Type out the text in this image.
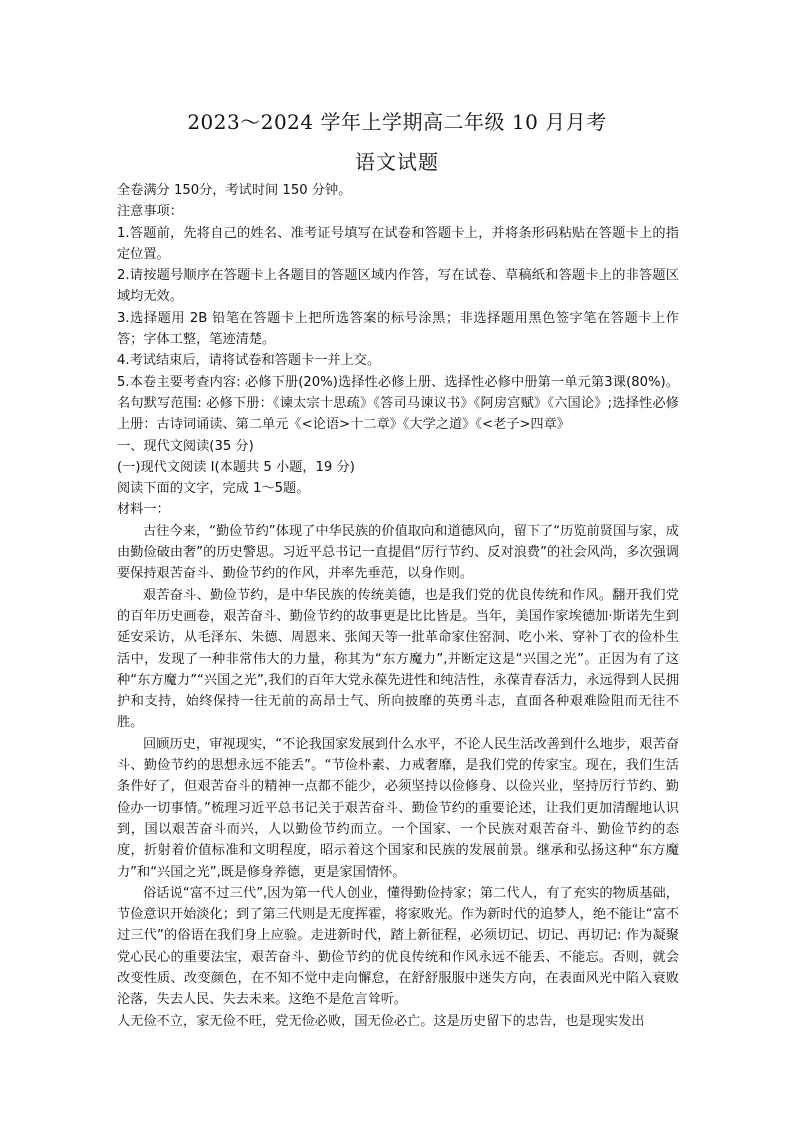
2023～2024 学年上学期高二年级 10 月月考
语文试题

全卷满分 150分，考试时间 150 分钟。

注意事项：

1.答题前，先将自己的姓名、准考证号填写在试卷和答题卡上，并将条形码粘贴在答题卡上的指定位置。

2.请按题号顺序在答题卡上各题目的答题区域内作答，写在试卷、草稿纸和答题卡上的非答题区域均无效。

3.选择题用 2B 铅笔在答题卡上把所选答案的标号涂黑；非选择题用黑色签字笔在答题卡上作答；字体工整，笔迹清楚。

4.考试结束后，请将试卷和答题卡一并上交。

5.本卷主要考查内容: 必修下册(20%)选择性必修上册、选择性必修中册第一单元第3课(80%)。名句默写范围: 必修下册：《谏太宗十思疏》《答司马谏议书》《阿房宫赋》《六国论》;选择性必修上册：古诗词诵读、第二单元《<论语>十二章》《大学之道》《<老子>四章》

一、现代文阅读(35 分)

(一)现代文阅读 I(本题共 5 小题，19 分)

阅读下面的文字，完成 1～5题。

材料一：

古往今来，“勤俭节约”体现了中华民族的价值取向和道德风向，留下了“历览前贤国与家，成由勤俭破由奢”的历史警思。习近平总书记一直提倡“厉行节约、反对浪费”的社会风尚，多次强调要保持艰苦奋斗、勤俭节约的作风，并率先垂范，以身作则。

艰苦奋斗、勤俭节约，是中华民族的传统美德，也是我们党的优良传统和作风。翻开我们党的百年历史画卷，艰苦奋斗、勤俭节约的故事更是比比皆是。当年，美国作家埃德加·斯诺先生到延安采访，从毛泽东、朱德、周恩来、张闻天等一批革命家住窑洞、吃小米、穿补丁衣的俭朴生活中，发现了一种非常伟大的力量，称其为“东方魔力”,并断定这是“兴国之光”。正因为有了这种“东方魔力”“兴国之光”,我们的百年大党永葆先进性和纯洁性，永葆青春活力，永远得到人民拥护和支持，始终保持一往无前的高昂士气、所向披靡的英勇斗志，直面各种艰难险阻而无往不胜。

回顾历史，审视现实，“不论我国家发展到什么水平，不论人民生活改善到什么地步，艰苦奋斗、勤俭节约的思想永远不能丢”。“节俭朴素、力戒奢靡，是我们党的传家宝。现在，我们生活条件好了，但艰苦奋斗的精神一点都不能少，必须坚持以俭修身、以俭兴业，坚持厉行节约、勤俭办一切事情。”梳理习近平总书记关于艰苦奋斗、勤俭节约的重要论述，让我们更加清醒地认识到，国以艰苦奋斗而兴，人以勤俭节约而立。一个国家、一个民族对艰苦奋斗、勤俭节约的态度，折射着价值标准和文明程度，昭示着这个国家和民族的发展前景。继承和弘扬这种“东方魔力”和“兴国之光”,既是修身养德，更是家国情怀。

俗话说“富不过三代”,因为第一代人创业，懂得勤俭持家；第二代人，有了充实的物质基础，节俭意识开始淡化；到了第三代则是无度挥霍，将家败光。作为新时代的追梦人，绝不能让“富不过三代”的俗语在我们身上应验。走进新时代，踏上新征程，必须切记、切记、再切记: 作为凝聚党心民心的重要法宝，艰苦奋斗、勤俭节约的优良传统和作风永远不能丢、不能忘。否则，就会改变性质、改变颜色，在不知不觉中走向懈怠，在舒舒服服中迷失方向，在表面风光中陷入衰败沦落，失去人民、失去未来。这绝不是危言耸听。

人无俭不立，家无俭不旺，党无俭必败，国无俭必亡。这是历史留下的忠告，也是现实发出
